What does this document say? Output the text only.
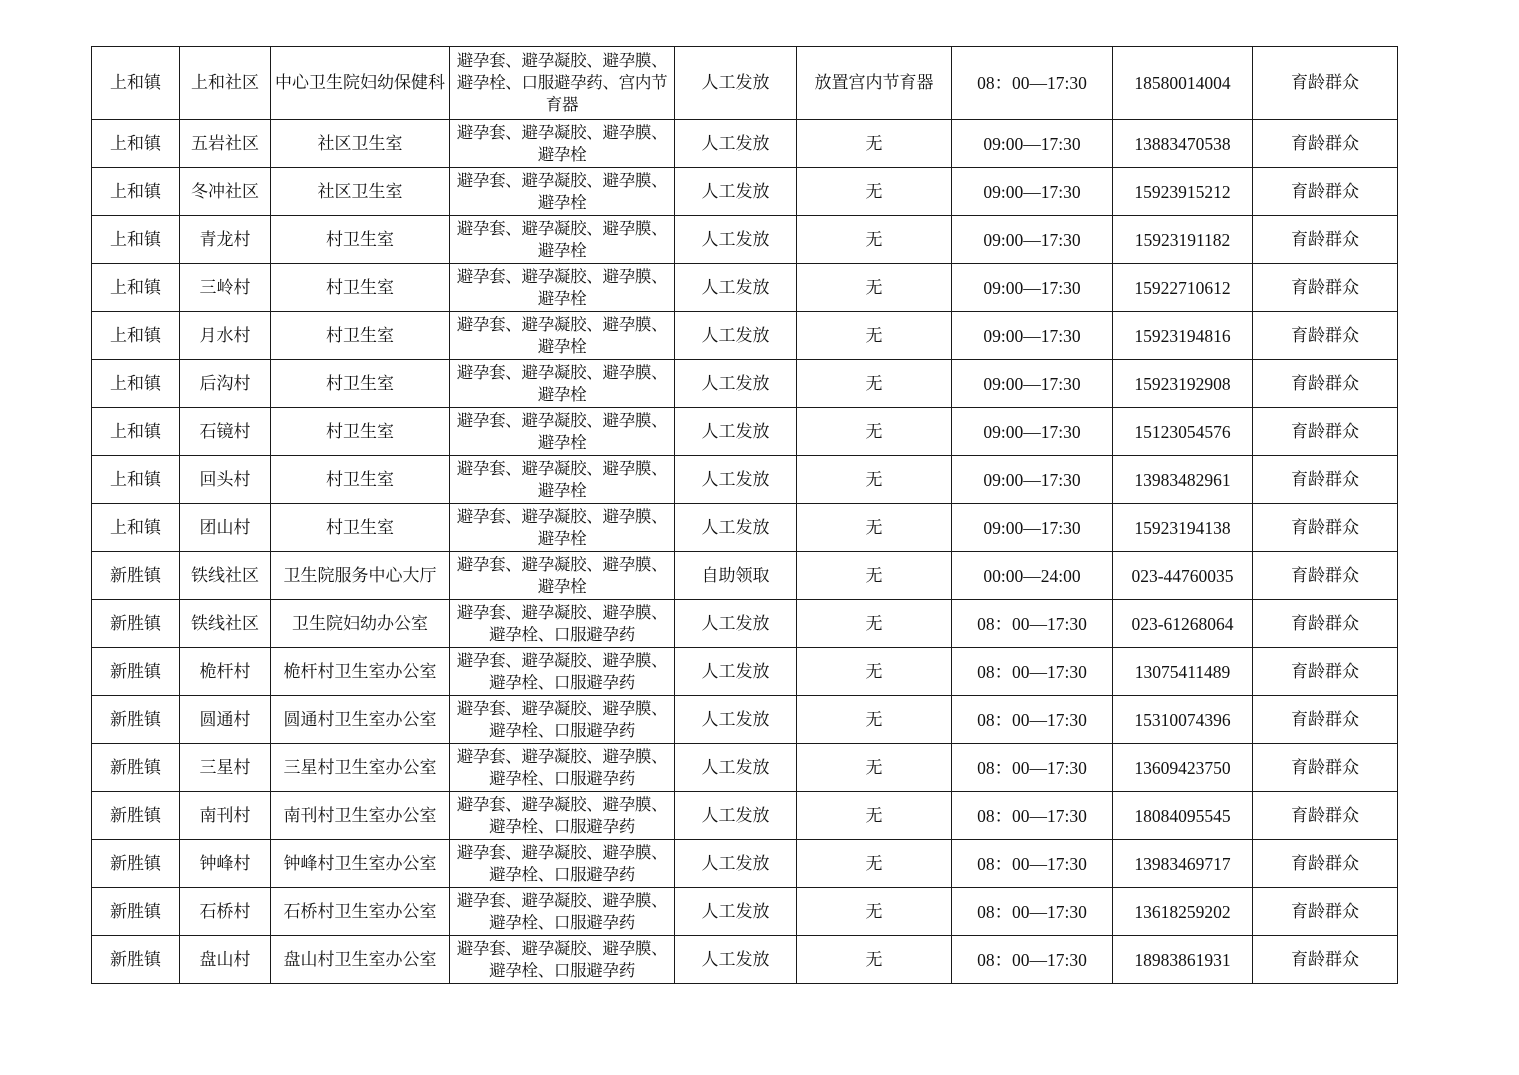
上和镇	上和社区	中心卫生院妇幼保健科	避孕套、避孕凝胶、避孕膜、避孕栓、口服避孕药、宫内节育器	人工发放	放置宫内节育器	08：00—17:30	18580014004	育龄群众
上和镇	五岩社区	社区卫生室	避孕套、避孕凝胶、避孕膜、避孕栓	人工发放	无	09:00—17:30	13883470538	育龄群众
上和镇	冬冲社区	社区卫生室	避孕套、避孕凝胶、避孕膜、避孕栓	人工发放	无	09:00—17:30	15923915212	育龄群众
上和镇	青龙村	村卫生室	避孕套、避孕凝胶、避孕膜、避孕栓	人工发放	无	09:00—17:30	15923191182	育龄群众
上和镇	三岭村	村卫生室	避孕套、避孕凝胶、避孕膜、避孕栓	人工发放	无	09:00—17:30	15922710612	育龄群众
上和镇	月水村	村卫生室	避孕套、避孕凝胶、避孕膜、避孕栓	人工发放	无	09:00—17:30	15923194816	育龄群众
上和镇	后沟村	村卫生室	避孕套、避孕凝胶、避孕膜、避孕栓	人工发放	无	09:00—17:30	15923192908	育龄群众
上和镇	石镜村	村卫生室	避孕套、避孕凝胶、避孕膜、避孕栓	人工发放	无	09:00—17:30	15123054576	育龄群众
上和镇	回头村	村卫生室	避孕套、避孕凝胶、避孕膜、避孕栓	人工发放	无	09:00—17:30	13983482961	育龄群众
上和镇	团山村	村卫生室	避孕套、避孕凝胶、避孕膜、避孕栓	人工发放	无	09:00—17:30	15923194138	育龄群众
新胜镇	铁线社区	卫生院服务中心大厅	避孕套、避孕凝胶、避孕膜、避孕栓	自助领取	无	00:00—24:00	023-44760035	育龄群众
新胜镇	铁线社区	卫生院妇幼办公室	避孕套、避孕凝胶、避孕膜、避孕栓、口服避孕药	人工发放	无	08：00—17:30	023-61268064	育龄群众
新胜镇	桅杆村	桅杆村卫生室办公室	避孕套、避孕凝胶、避孕膜、避孕栓、口服避孕药	人工发放	无	08：00—17:30	13075411489	育龄群众
新胜镇	圆通村	圆通村卫生室办公室	避孕套、避孕凝胶、避孕膜、避孕栓、口服避孕药	人工发放	无	08：00—17:30	15310074396	育龄群众
新胜镇	三星村	三星村卫生室办公室	避孕套、避孕凝胶、避孕膜、避孕栓、口服避孕药	人工发放	无	08：00—17:30	13609423750	育龄群众
新胜镇	南刊村	南刊村卫生室办公室	避孕套、避孕凝胶、避孕膜、避孕栓、口服避孕药	人工发放	无	08：00—17:30	18084095545	育龄群众
新胜镇	钟峰村	钟峰村卫生室办公室	避孕套、避孕凝胶、避孕膜、避孕栓、口服避孕药	人工发放	无	08：00—17:30	13983469717	育龄群众
新胜镇	石桥村	石桥村卫生室办公室	避孕套、避孕凝胶、避孕膜、避孕栓、口服避孕药	人工发放	无	08：00—17:30	13618259202	育龄群众
新胜镇	盘山村	盘山村卫生室办公室	避孕套、避孕凝胶、避孕膜、避孕栓、口服避孕药	人工发放	无	08：00—17:30	18983861931	育龄群众
